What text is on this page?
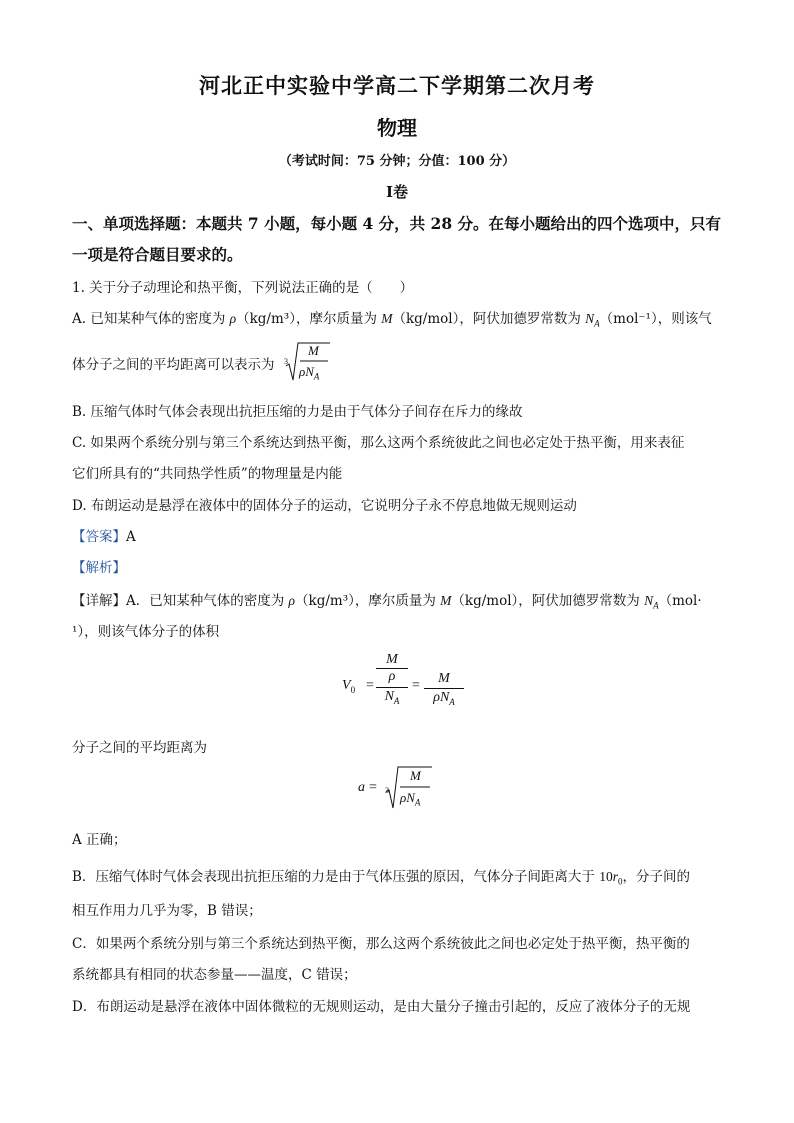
河北正中实验中学高二下学期第二次月考
物理
（考试时间：75 分钟；分值：100 分）
Ⅰ卷
一、单项选择题：本题共 7 小题，每小题 4 分，共 28 分。在每小题给出的四个选项中，只有
一项是符合题目要求的。
1. 关于分子动理论和热平衡，下列说法正确的是（　　）
A. 已知某种气体的密度为 ρ（kg/m³），摩尔质量为 M（kg/mol），阿伏加德罗常数为 $N_A(mol^{-1})$，则该气
体分子之间的平均距离可以表示为 3
M
$\rho N_A$
B. 压缩气体时气体会表现出抗拒压缩的力是由于气体分子间存在斥力的缘故
C. 如果两个系统分别与第三个系统达到热平衡，那么这两个系统彼此之间也必定处于热平衡，用来表征
它们所具有的“共同热学性质”的物理量是内能
D. 布朗运动是悬浮在液体中的固体分子的运动，它说明分子永不停息地做无规则运动
【答案】A
【解析】
【详解】A．已知某种气体的密度为 ρ（kg/m³），摩尔质量为 M（kg/mol），阿伏加德罗常数为 $N_A(mol\cdot$
¹），则该气体分子的体积
$V_0$ =
M
ρ
$N_A$
=	M
$\rho N_A$
分子之间的平均距离为
a = 3
M
$\rho N_A$
A 正确；
B．压缩气体时气体会表现出抗拒压缩的力是由于气体压强的原因，气体分子间距离大于 $10r_0$，分子间的
相互作用力几乎为零，B 错误；
C．如果两个系统分别与第三个系统达到热平衡，那么这两个系统彼此之间也必定处于热平衡，热平衡的
系统都具有相同的状态参量——温度，C 错误；
D．布朗运动是悬浮在液体中固体微粒的无规则运动，是由大量分子撞击引起的，反应了液体分子的无规
